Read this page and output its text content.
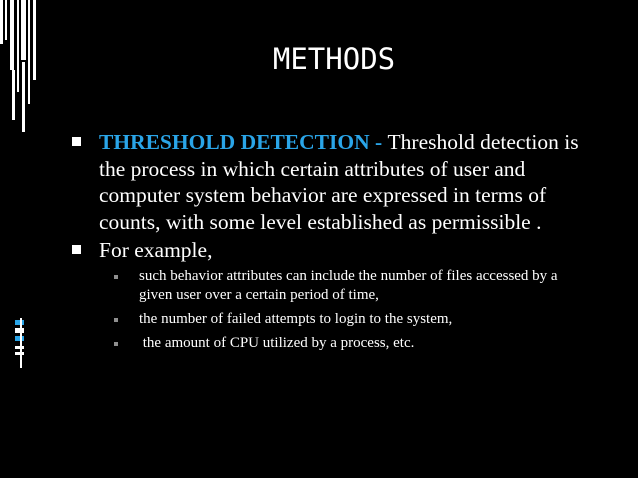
METHODS
THRESHOLD DETECTION - Threshold detection is the process in which certain attributes of user and computer system behavior are expressed in terms of counts, with some level established as permissible .
For example,
such behavior attributes can include the number of files accessed by a given user over a certain period of time,
the number of failed attempts to login to the system,
the amount of CPU utilized by a process, etc.
